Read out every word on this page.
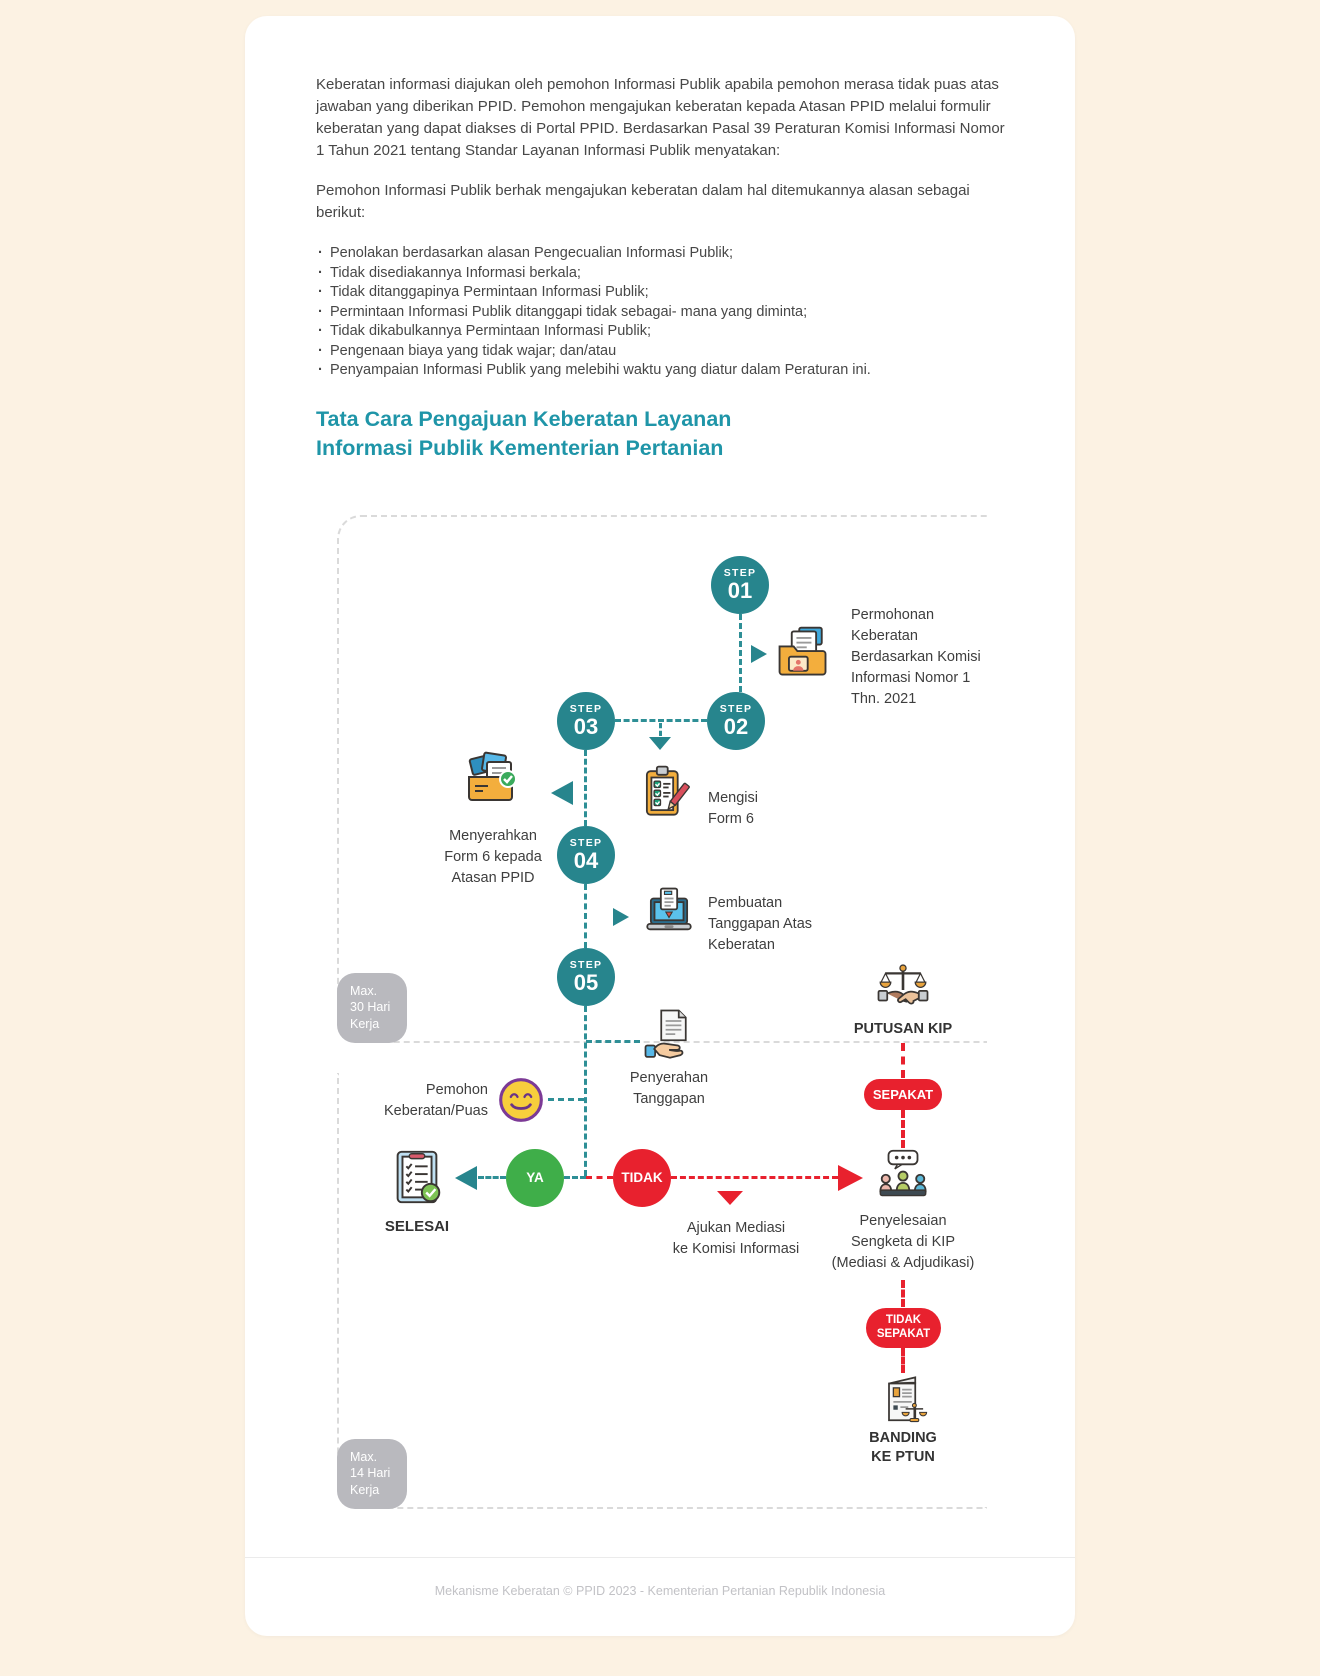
Keberatan informasi diajukan oleh pemohon Informasi Publik apabila pemohon merasa tidak puas atas jawaban yang diberikan PPID. Pemohon mengajukan keberatan kepada Atasan PPID melalui formulir keberatan yang dapat diakses di Portal PPID. Berdasarkan Pasal 39 Peraturan Komisi Informasi Nomor 1 Tahun 2021 tentang Standar Layanan Informasi Publik menyatakan:

Pemohon Informasi Publik berhak mengajukan keberatan dalam hal ditemukannya alasan sebagai berikut:

· Penolakan berdasarkan alasan Pengecualian Informasi Publik;
· Tidak disediakannya Informasi berkala;
· Tidak ditanggapinya Permintaan Informasi Publik;
· Permintaan Informasi Publik ditanggapi tidak sebagai- mana yang diminta;
· Tidak dikabulkannya Permintaan Informasi Publik;
· Pengenaan biaya yang tidak wajar; dan/atau
· Penyampaian Informasi Publik yang melebihi waktu yang diatur dalam Peraturan ini.
Tata Cara Pengajuan Keberatan Layanan
Informasi Publik Kementerian Pertanian
Max.
30 Hari
Kerja
Max.
14 Hari
Kerja
STEP
01
STEP
02
STEP
03
STEP
04
STEP
05
Permohonan
Keberatan
Berdasarkan Komisi
Informasi Nomor 1
Thn. 2021
Mengisi
Form 6
Menyerahkan
Form 6 kepada
Atasan PPID
Pembuatan
Tanggapan Atas
Keberatan
Penyerahan
Tanggapan
Pemohon
Keberatan/Puas
YA	TIDAK
SELESAI	Ajukan Mediasi
ke Komisi Informasi
PUTUSAN KIP
SEPAKAT
TIDAK
SEPAKAT
Penyelesaian
Sengketa di KIP
(Mediasi & Adjudikasi)
BANDING
KE PTUN

Mekanisme Keberatan © PPID 2023 - Kementerian Pertanian Republik Indonesia
